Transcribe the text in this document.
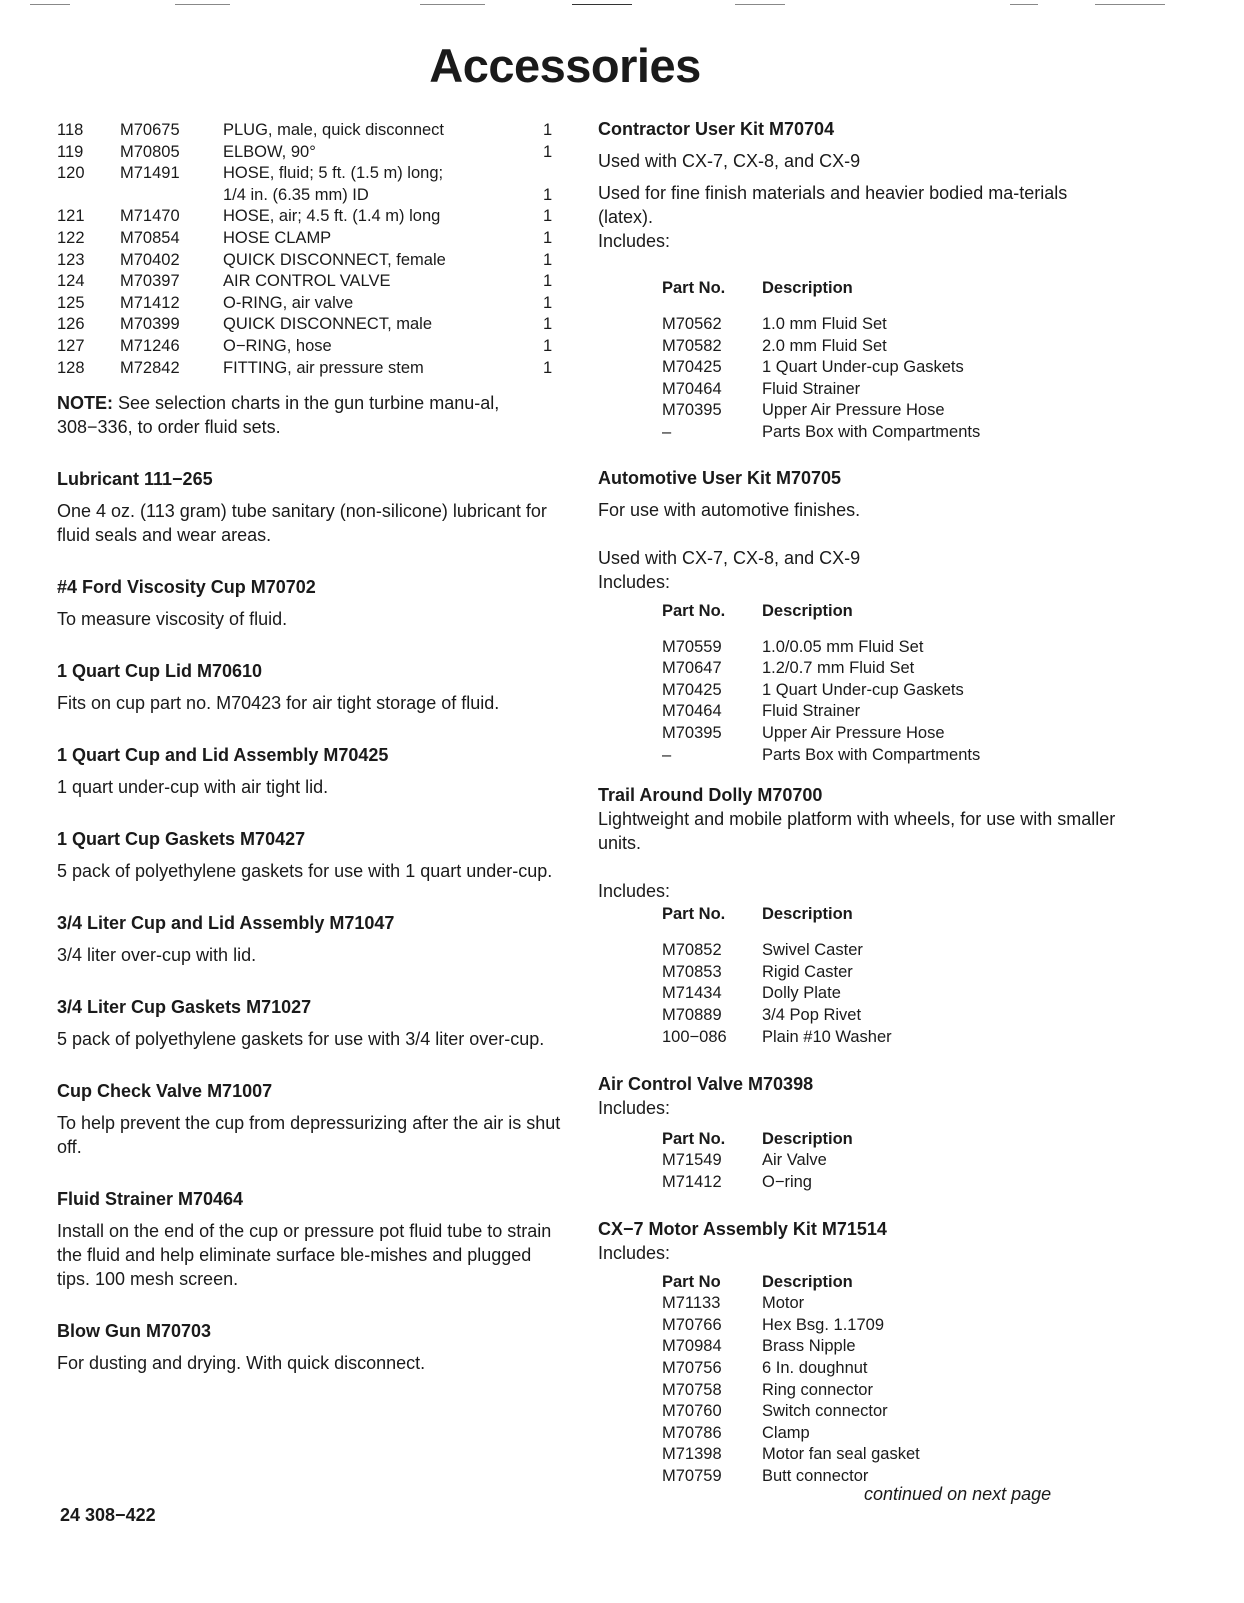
Accessories
118	M70675	PLUG, male, quick disconnect	1
119	M70805	ELBOW, 90°	1
120	M71491	HOSE, fluid; 5 ft. (1.5 m) long;	
		1/4 in. (6.35 mm) ID	1
121	M71470	HOSE, air; 4.5 ft. (1.4 m) long	1
122	M70854	HOSE CLAMP	1
123	M70402	QUICK DISCONNECT, female	1
124	M70397	AIR CONTROL VALVE	1
125	M71412	O-RING, air valve	1
126	M70399	QUICK DISCONNECT, male	1
127	M71246	O−RING, hose	1
128	M72842	FITTING, air pressure stem	1

NOTE: See selection charts in the gun turbine manu-al, 308−336, to order fluid sets.

Lubricant 111−265

One 4 oz. (113 gram) tube sanitary (non-silicone) lubricant for fluid seals and wear areas.

#4 Ford Viscosity Cup M70702

To measure viscosity of fluid.

1 Quart Cup Lid M70610

Fits on cup part no. M70423 for air tight storage of fluid.

1 Quart Cup and Lid Assembly M70425

1 quart under-cup with air tight lid.

1 Quart Cup Gaskets M70427

5 pack of polyethylene gaskets for use with 1 quart under-cup.

3/4 Liter Cup and Lid Assembly M71047

3/4 liter over-cup with lid.

3/4 Liter Cup Gaskets M71027

5 pack of polyethylene gaskets for use with 3/4 liter over-cup.

Cup Check Valve M71007

To help prevent the cup from depressurizing after the air is shut off.

Fluid Strainer M70464

Install on the end of the cup or pressure pot fluid tube to strain the fluid and help eliminate surface ble-mishes and plugged tips. 100 mesh screen.

Blow Gun M70703

For dusting and drying. With quick disconnect.

Contractor User Kit M70704

Used with CX-7, CX-8, and CX-9

Used for fine finish materials and heavier bodied ma-terials (latex).

Includes:

Part No.	Description

M70562	1.0 mm Fluid Set
M70582	2.0 mm Fluid Set
M70425	1 Quart Under-cup Gaskets
M70464	Fluid Strainer
M70395	Upper Air Pressure Hose
–	Parts Box with Compartments
Automotive User Kit M70705

For use with automotive finishes.

Used with CX-7, CX-8, and CX-9

Includes:

Part No.	Description

M70559	1.0/0.05 mm Fluid Set
M70647	1.2/0.7 mm Fluid Set
M70425	1 Quart Under-cup Gaskets
M70464	Fluid Strainer
M70395	Upper Air Pressure Hose
–	Parts Box with Compartments
Trail Around Dolly M70700

Lightweight and mobile platform with wheels, for use with smaller units.

Includes:

Part No.	Description

M70852	Swivel Caster
M70853	Rigid Caster
M71434	Dolly Plate
M70889	3/4 Pop Rivet
100−086	Plain #10 Washer
Air Control Valve M70398

Includes:

Part No.	Description
M71549	Air Valve
M71412	O−ring
CX−7 Motor Assembly Kit M71514

Includes:

Part No	Description
M71133	Motor
M70766	Hex Bsg. 1.1709
M70984	Brass Nipple
M70756	6 In. doughnut
M70758	Ring connector
M70760	Switch connector
M70786	Clamp
M71398	Motor fan seal gasket
M70759	Butt connector
continued on next page
24 308−422
